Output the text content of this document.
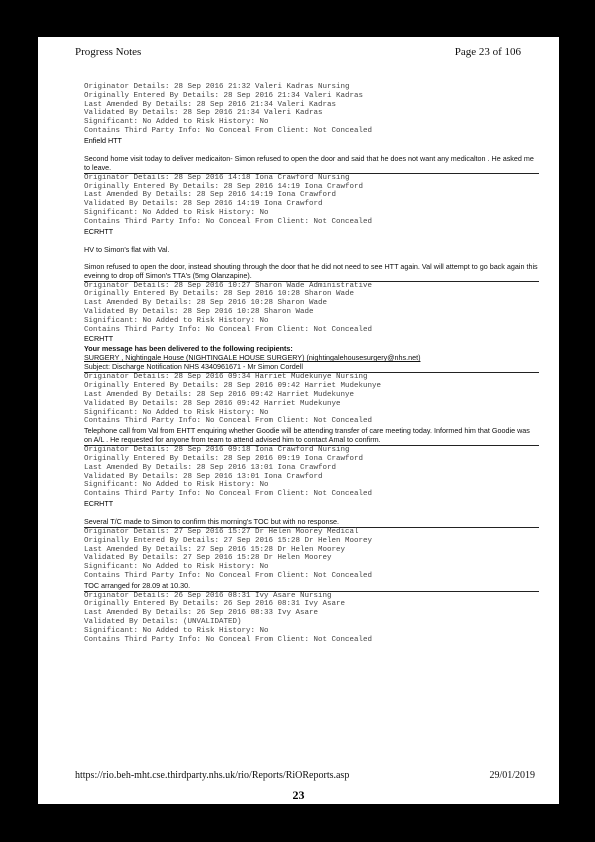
Progress Notes	Page 23 of 106
Originator Details: 28 Sep 2016 21:32 Valeri Kadras Nursing
Originally Entered By Details: 28 Sep 2016 21:34 Valeri Kadras
Last Amended By Details: 28 Sep 2016 21:34 Valeri Kadras
Validated By Details: 28 Sep 2016 21:34 Valeri Kadras
Significant: No Added to Risk History: No
Contains Third Party Info: No Conceal From Client: Not Concealed
Enfield HTT
Second home visit today to deliver medicaiton- Simon refused to open the door and said that he does not want any medicalton . He asked me to leave.
Originator Details: 28 Sep 2016 14:18 Iona Crawford Nursing
Originally Entered By Details: 28 Sep 2016 14:19 Iona Crawford
Last Amended By Details: 28 Sep 2016 14:19 Iona Crawford
Validated By Details: 28 Sep 2016 14:19 Iona Crawford
Significant: No Added to Risk History: No
Contains Third Party Info: No Conceal From Client: Not Concealed
ECRHTT
HV to Simon's flat with Val.
Simon refused to open the door, instead shouting through the door that he did not need to see HTT again. Val will attempt to go back again this eveinng to drop off Simon's TTA's (5mg Olanzapine).
Originator Details: 28 Sep 2016 10:27 Sharon Wade Administrative
Originally Entered By Details: 28 Sep 2016 10:28 Sharon Wade
Last Amended By Details: 28 Sep 2016 10:28 Sharon Wade
Validated By Details: 28 Sep 2016 10:28 Sharon Wade
Significant: No Added to Risk History: No
Contains Third Party Info: No Conceal From Client: Not Concealed
ECRHTT
Your message has been delivered to the following recipients:
SURGERY , Nightingale House (NIGHTINGALE HOUSE SURGERY) (nightingalehousesurgery@nhs.net)
Subject: Discharge Notification NHS 4340961671 - Mr Simon Cordell
Originator Details: 28 Sep 2016 09:34 Harriet Mudekunye Nursing
Originally Entered By Details: 28 Sep 2016 09:42 Harriet Mudekunye
Last Amended By Details: 28 Sep 2016 09:42 Harriet Mudekunye
Validated By Details: 28 Sep 2016 09:42 Harriet Mudekunye
Significant: No Added to Risk History: No
Contains Third Party Info: No Conceal From Client: Not Concealed
Telephone call from Val from EHTT enquiring whether Goodie will be attending transfer of care meeting today. Informed him that Goodie was on A/L . He requested for anyone from team to attend advised him to contact Amal to confirm.
Originator Details: 28 Sep 2016 09:18 Iona Crawford Nursing
Originally Entered By Details: 28 Sep 2016 09:19 Iona Crawford
Last Amended By Details: 28 Sep 2016 13:01 Iona Crawford
Validated By Details: 28 Sep 2016 13:01 Iona Crawford
Significant: No Added to Risk History: No
Contains Third Party Info: No Conceal From Client: Not Concealed
ECRHTT
Several T/C made to Simon to confirm this morning's TOC but with no response.
Originator Details: 27 Sep 2016 15:27 Dr Helen Moorey Medical
Originally Entered By Details: 27 Sep 2016 15:28 Dr Helen Moorey
Last Amended By Details: 27 Sep 2016 15:28 Dr Helen Moorey
Validated By Details: 27 Sep 2016 15:28 Dr Helen Moorey
Significant: No Added to Risk History: No
Contains Third Party Info: No Conceal From Client: Not Concealed
TOC arranged for 28.09 at 10.30.
Originator Details: 26 Sep 2016 08:31 Ivy Asare Nursing
Originally Entered By Details: 26 Sep 2016 08:31 Ivy Asare
Last Amended By Details: 26 Sep 2016 08:33 Ivy Asare
Validated By Details: (UNVALIDATED)
Significant: No Added to Risk History: No
Contains Third Party Info: No Conceal From Client: Not Concealed
https://rio.beh-mht.cse.thirdparty.nhs.uk/rio/Reports/RiOReports.asp	29/01/2019
23
